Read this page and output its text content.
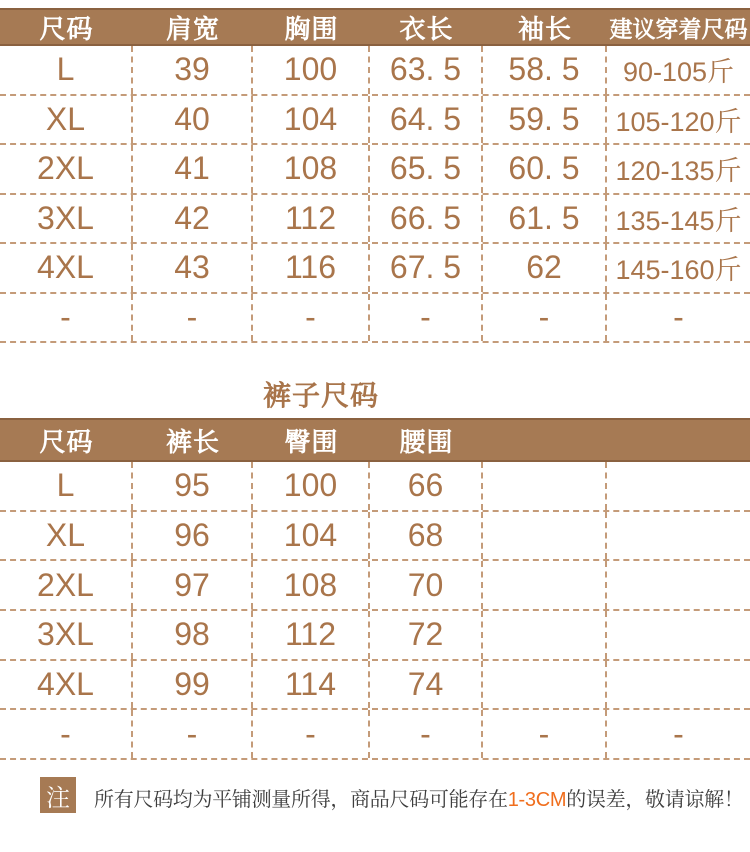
尺码	肩宽	胸围	衣长	袖长	建议穿着尺码
L	39	100	63. 5	58. 5	90-105斤
XL	40	104	64. 5	59. 5	105-120斤
2XL	41	108	65. 5	60. 5	120-135斤
3XL	42	112	66. 5	61. 5	135-145斤
4XL	43	116	67. 5	62	145-160斤
-	-	-	-	-	-
裤子尺码
尺码	裤长	臀围	腰围
L	95	100	66
XL	96	104	68
2XL	97	108	70
3XL	98	112	72
4XL	99	114	74
-	-	-	-	-	-
注	所有尺码均为平铺测量所得，商品尺码可能存在1-3CM的误差，敬请谅解！
